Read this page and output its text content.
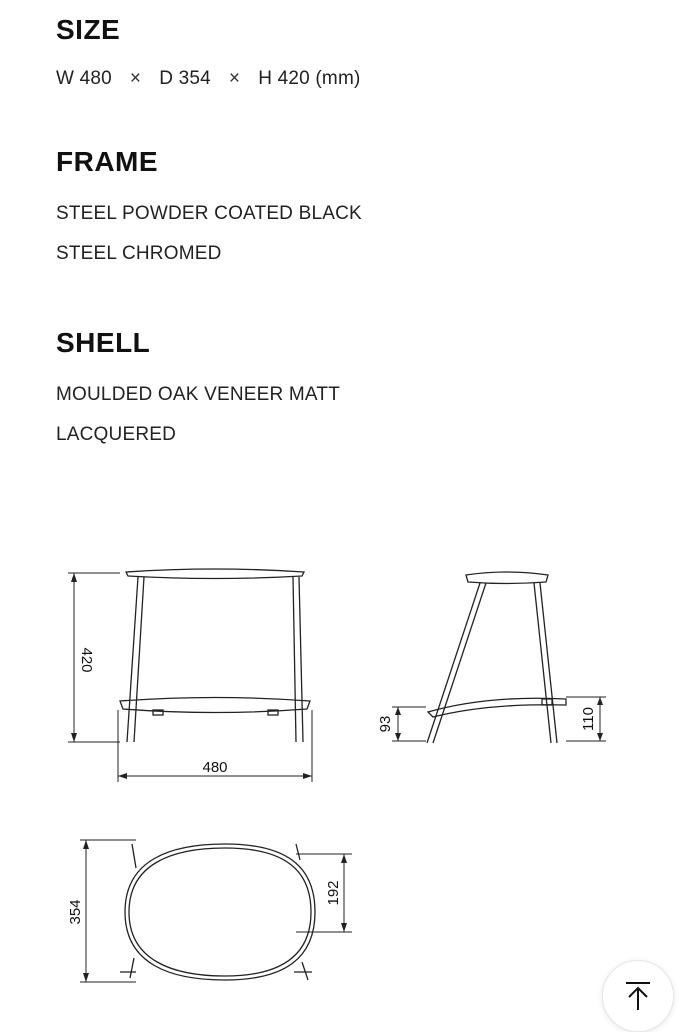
SIZE
W 480 × D 354 × H 420 (mm)
FRAME
STEEL POWDER COATED BLACK
STEEL CHROMED
SHELL
MOULDED OAK VENEER MATT
LACQUERED
420
480
93	110
354
192
